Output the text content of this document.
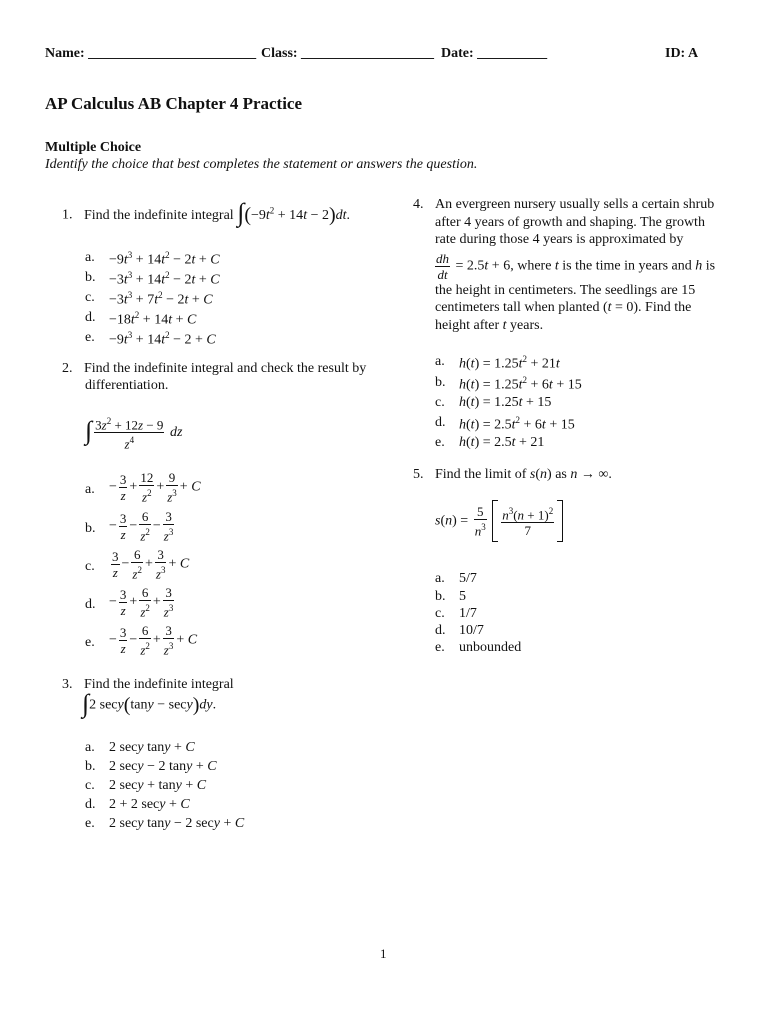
Name: ________________________ Class: ___________________ Date: __________	ID: A
AP Calculus AB Chapter 4 Practice
Multiple Choice
Identify the choice that best completes the statement or answers the question.
1. Find the indefinite integral $\int(-9t^2 + 14t - 2)dt$.
a. $-9t^3 + 14t^2 - 2t + C$
b. $-3t^3 + 14t^2 - 2t + C$
c. $-3t^3 + 7t^2 - 2t + C$
d. $-18t^2 + 14t + C$
e. $-9t^3 + 14t^2 - 2 + C$
2. Find the indefinite integral and check the result by
differentiation.
∫ $\frac{3z^2 + 12z - 9}{z^4}$ dz
a. − $\frac{3}{z} + \frac{12}{z^2} + \frac{9}{z^3} + C$
b. − $\frac{3}{z} - \frac{6}{z^2} - \frac{3}{z^3}$
c. $\frac{3}{z} - \frac{6}{z^2} + \frac{3}{z^3} + C$
d. − $\frac{3}{z} + \frac{6}{z^2} + \frac{3}{z^3}$
e. − $\frac{3}{z} - \frac{6}{z^2} + \frac{3}{z^3} + C$
3. Find the indefinite integral
∫2 secy(tany − secy)dy.
a. 2 secy tany + C
b. 2 secy − 2 tany + C
c. 2 secy + tany + C
d. 2 + 2 secy + C
e. 2 secy tany − 2 secy + C
4. An evergreen nursery usually sells a certain shrub
after 4 years of growth and shaping. The growth
rate during those 4 years is approximated by
$\frac{dh}{dt} = 2.5t + 6$, where t is the time in years and h is
the height in centimeters. The seedlings are 15
centimeters tall when planted (t = 0). Find the
height after t years.
a. $h(t) = 1.25t^2 + 21t$
b. $h(t) = 1.25t^2 + 6t + 15$
c. h(t) = 1.25t + 15
d. $h(t) = 2.5t^2 + 6t + 15$
e. h(t) = 2.5t + 21
5. Find the limit of s(n) as n → ∞.
$s(n) = \frac{5}{n^3}$
$\frac{n^3(n + 1)^2}{7}$
a. 5/7
b. 5
c. 1/7
d. 10/7
e. unbounded
1
